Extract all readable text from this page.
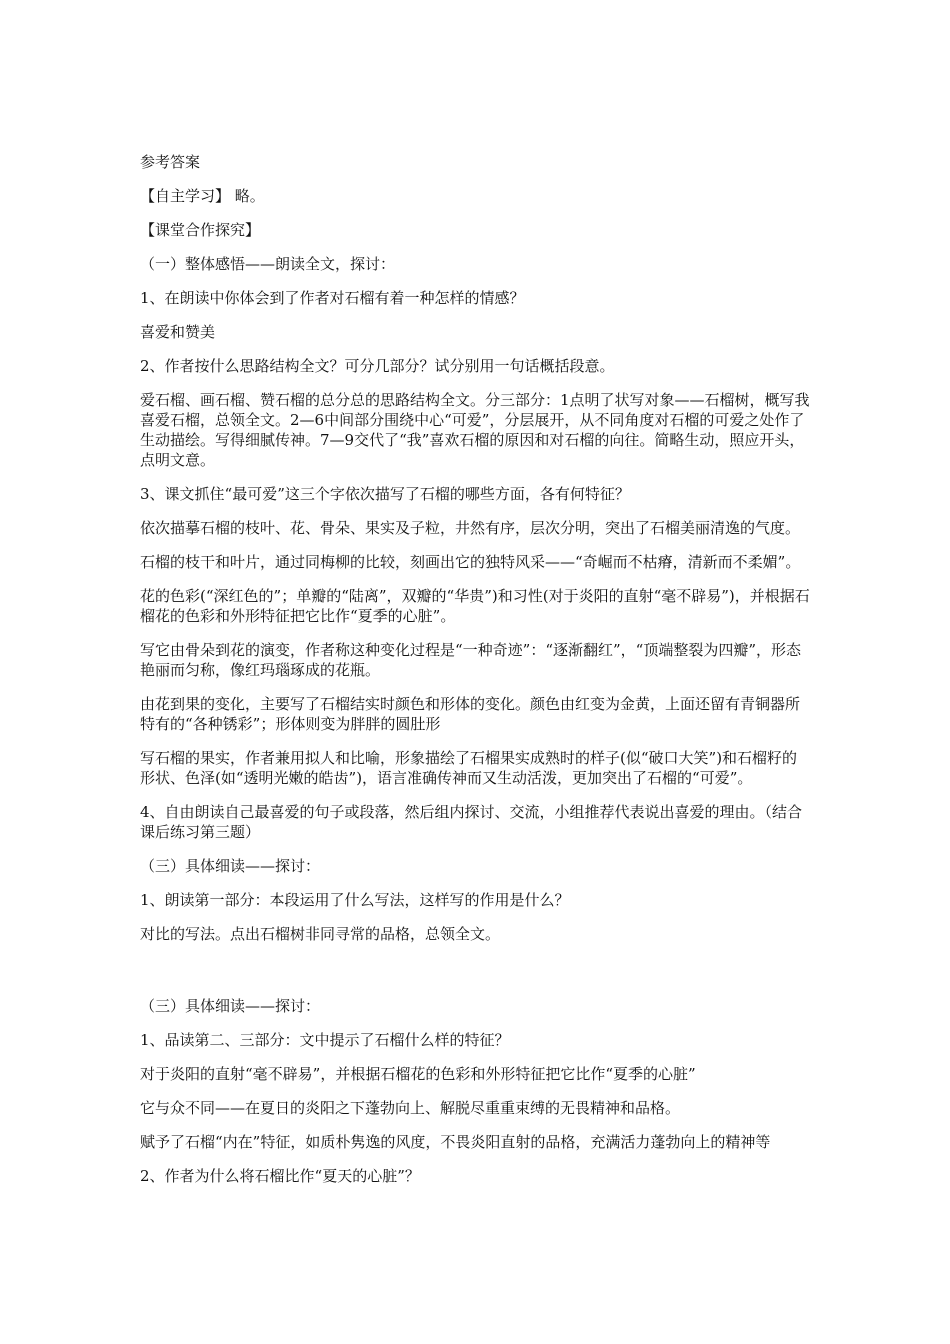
参考答案

【自主学习】 略。

【课堂合作探究】

（一）整体感悟——朗读全文，探讨：

1、在朗读中你体会到了作者对石榴有着一种怎样的情感？

喜爱和赞美

2、作者按什么思路结构全文？可分几部分？试分别用一句话概括段意。

爱石榴、画石榴、赞石榴的总分总的思路结构全文。分三部分：1点明了状写对象——石榴树，概写我喜爱石榴，总领全文。2—6中间部分围绕中心“可爱”，分层展开，从不同角度对石榴的可爱之处作了生动描绘。写得细腻传神。7—9交代了“我”喜欢石榴的原因和对石榴的向往。简略生动，照应开头，点明文意。

3、课文抓住“最可爱”这三个字依次描写了石榴的哪些方面，各有何特征？

依次描摹石榴的枝叶、花、骨朵、果实及子粒，井然有序，层次分明，突出了石榴美丽清逸的气度。

石榴的枝干和叶片，通过同梅柳的比较，刻画出它的独特风采——“奇崛而不枯瘠，清新而不柔媚”。

花的色彩(“深红色的”；单瓣的“陆离”，双瓣的“华贵”)和习性(对于炎阳的直射“毫不辟易”)，并根据石榴花的色彩和外形特征把它比作“夏季的心脏”。

写它由骨朵到花的演变，作者称这种变化过程是“一种奇迹”：“逐渐翻红”，“顶端整裂为四瓣”，形态艳丽而匀称，像红玛瑙琢成的花瓶。

由花到果的变化，主要写了石榴结实时颜色和形体的变化。颜色由红变为金黄，上面还留有青铜器所特有的“各种锈彩”；形体则变为胖胖的圆肚形

写石榴的果实，作者兼用拟人和比喻，形象描绘了石榴果实成熟时的样子(似“破口大笑”)和石榴籽的形状、色泽(如“透明光嫩的皓齿”)，语言准确传神而又生动活泼，更加突出了石榴的“可爱”。

4、自由朗读自己最喜爱的句子或段落，然后组内探讨、交流，小组推荐代表说出喜爱的理由。（结合课后练习第三题）

（三）具体细读——探讨：

1、朗读第一部分：本段运用了什么写法，这样写的作用是什么？

对比的写法。点出石榴树非同寻常的品格，总领全文。

（三）具体细读——探讨：

1、品读第二、三部分：文中提示了石榴什么样的特征？

对于炎阳的直射“毫不辟易”，并根据石榴花的色彩和外形特征把它比作“夏季的心脏”

它与众不同——在夏日的炎阳之下蓬勃向上、解脱尽重重束缚的无畏精神和品格。

赋予了石榴“内在”特征，如质朴隽逸的风度，不畏炎阳直射的品格，充满活力蓬勃向上的精神等

2、作者为什么将石榴比作“夏天的心脏”？
